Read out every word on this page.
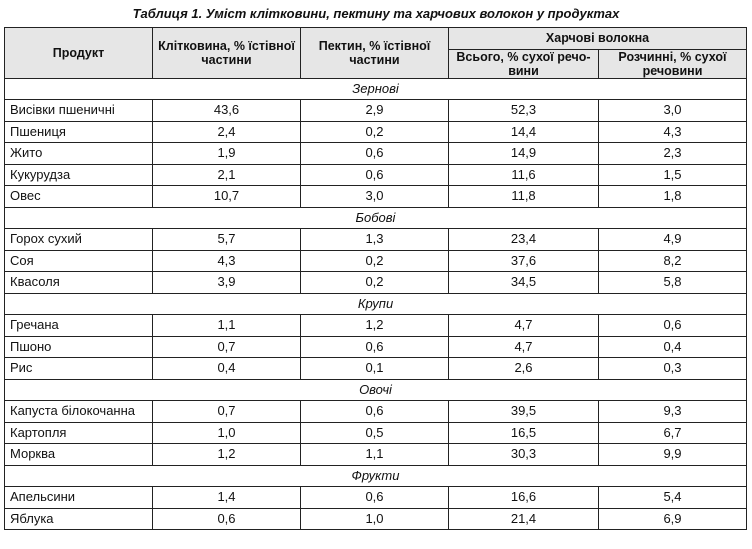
Таблиця 1. Уміст клітковини, пектину та харчових волокон у продуктах
Продукт	Клітковина, % їстівної частини	Пектин, % їстівної частини	Харчові волокна	
			Всього, % сухої речо-вини	Розчинні, % сухої речовини
Зернові				
Висівки пшеничні	43,6	2,9	52,3	3,0
Пшениця	2,4	0,2	14,4	4,3
Жито	1,9	0,6	14,9	2,3
Кукурудза	2,1	0,6	11,6	1,5
Овес	10,7	3,0	11,8	1,8
Бобові				
Горох сухий	5,7	1,3	23,4	4,9
Соя	4,3	0,2	37,6	8,2
Квасоля	3,9	0,2	34,5	5,8
Крупи				
Гречана	1,1	1,2	4,7	0,6
Пшоно	0,7	0,6	4,7	0,4
Рис	0,4	0,1	2,6	0,3
Овочі				
Капуста білокочанна	0,7	0,6	39,5	9,3
Картопля	1,0	0,5	16,5	6,7
Морква	1,2	1,1	30,3	9,9
Фрукти				
Апельсини	1,4	0,6	16,6	5,4
Яблука	0,6	1,0	21,4	6,9
